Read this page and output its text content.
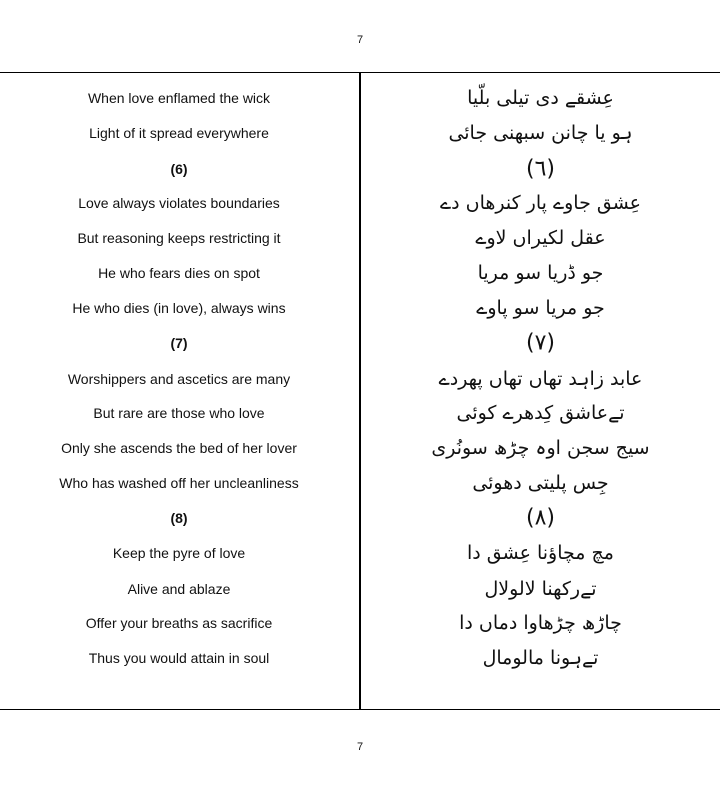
7
When love enflamed the wick
Light of it spread everywhere
(6)
Love always violates boundaries
But reasoning keeps restricting it
He who fears dies on spot
He who dies (in love), always wins
(7)
Worshippers and ascetics are many
But rare are those who love
Only she ascends the bed of her lover
Who has washed off her uncleanliness
(8)
Keep the pyre of love
Alive and ablaze
Offer your breaths as sacrifice
Thus you would attain in soul
عِشقے دی تیلی بلّیا
ہو یا چانن سبھنی جائی
(٦)
عِشق جاوے پار کنرھاں دے
عقل لکیراں لاوے
جو ڈریا سو مریا
جو مریا سو پاوے
(٧)
عابد زاہد تھاں تھاں پھردے
تےعاشق کِدھرے کوئی
سیج سجن اوہ چڑھ سونُری
جِس پلیتی دھوئی
(٨)
مچ مچاؤنا عِشق دا
تےرکھنا لالولال
چاڑھ چڑھاوا دماں دا
تےہونا مالومال
7
